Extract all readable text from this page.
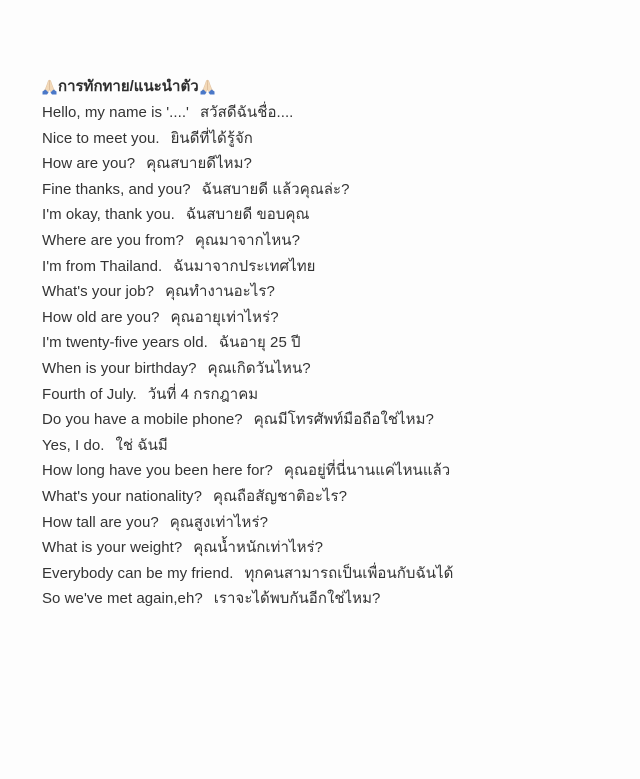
การทักทาย/แนะนำตัว
Hello, my name is '....' สวัสดีฉันชื่อ....
Nice to meet you. ยินดีที่ได้รู้จัก
How are you? คุณสบายดีไหม?
Fine thanks, and you? ฉันสบายดี แล้วคุณล่ะ?
I'm okay, thank you. ฉันสบายดี ขอบคุณ
Where are you from? คุณมาจากไหน?
I'm from Thailand. ฉันมาจากประเทศไทย
What's your job? คุณทำงานอะไร?
How old are you? คุณอายุเท่าไหร่?
I'm twenty-five years old. ฉันอายุ 25 ปี
When is your birthday? คุณเกิดวันไหน?
Fourth of July. วันที่ 4 กรกฎาคม
Do you have a mobile phone? คุณมีโทรศัพท์มือถือใช่ไหม?
Yes, I do. ใช่ ฉันมี
How long have you been here for? คุณอยู่ที่นี่นานแค่ไหนแล้ว
What's your nationality? คุณถือสัญชาติอะไร?
How tall are you? คุณสูงเท่าไหร่?
What is your weight? คุณน้ำหนักเท่าไหร่?
Everybody can be my friend. ทุกคนสามารถเป็นเพื่อนกับฉันได้
So we've met again,eh? เราจะได้พบกันอีกใช่ไหม?
